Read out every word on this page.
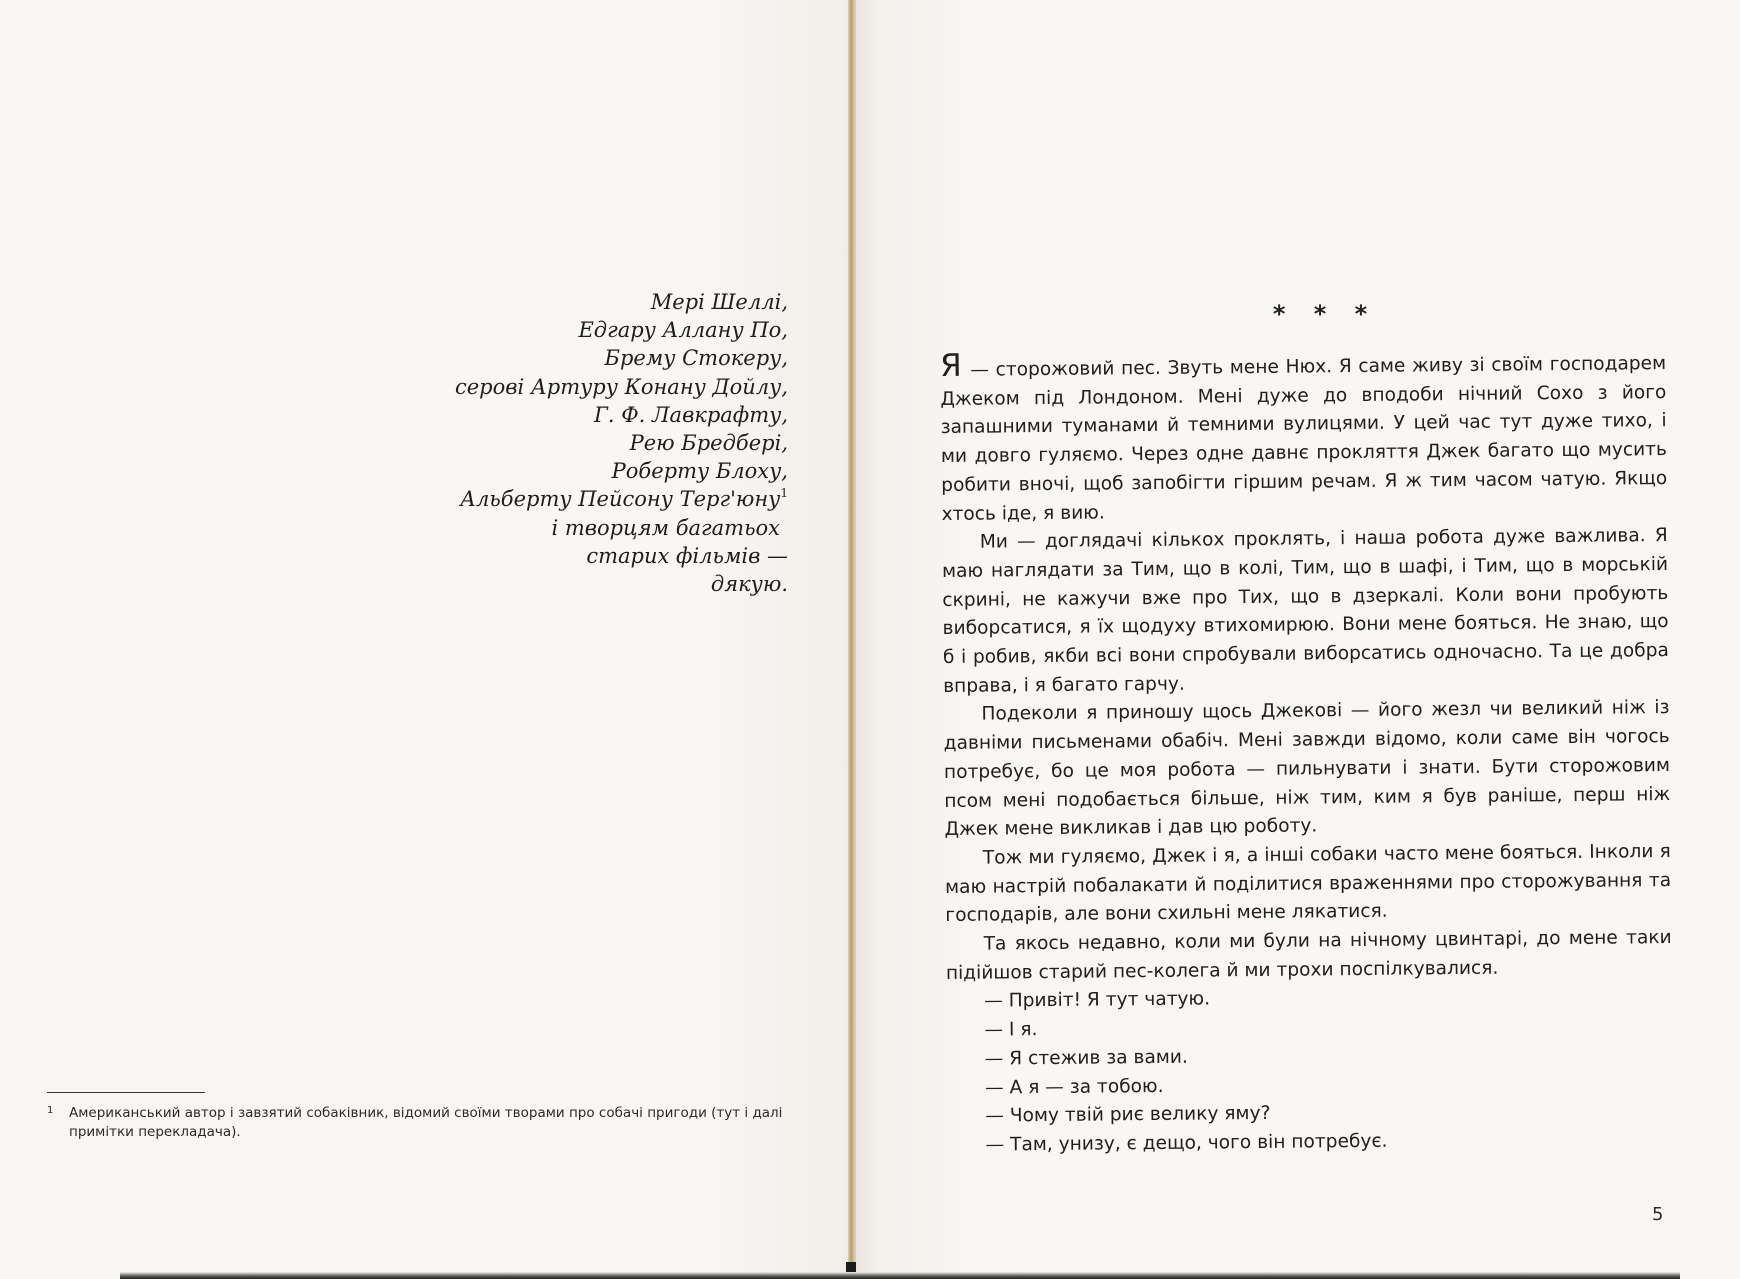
Мері Шеллі,
Едгару Аллану По,
Брему Стокеру,
серові Артуру Конану Дойлу,
Г. Ф. Лавкрафту,
Рею Бредбері,
Роберту Блоху,
Альберту Пейсону Терг'юну$^1$
і творцям багатьох
старих фільмів —
дякую.
1	Американський автор і завзятий собаківник, відомий своїми творами про собачі пригоди (тут і далі примітки перекладача).
* * *

Я — сторожовий пес. Звуть мене Нюх. Я саме живу зі своїм господарем Джеком під Лондоном. Мені дуже до вподоби нічний Сохо з його запашними туманами й темними вулицями. У цей час тут дуже тихо, і ми довго гуляємо. Через одне давнє прокляття Джек багато що мусить робити вночі, щоб запобігти гіршим речам. Я ж тим часом чатую. Якщо хтось іде, я вию.

Ми — доглядачі кількох проклять, і наша робота дуже важлива. Я маю наглядати за Тим, що в колі, Тим, що в шафі, і Тим, що в морській скрині, не кажучи вже про Тих, що в дзеркалі. Коли вони пробують виборсатися, я їх щодуху втихомирюю. Вони мене бояться. Не знаю, що б і робив, якби всі вони спробували виборсатись одночасно. Та це добра вправа, і я багато гарчу.

Подеколи я приношу щось Джекові — його жезл чи великий ніж із давніми письменами обабіч. Мені завжди відомо, коли саме він чогось потребує, бо це моя робота — пильнувати і знати. Бути сторожовим псом мені подобається більше, ніж тим, ким я був раніше, перш ніж Джек мене викликав і дав цю роботу.

Тож ми гуляємо, Джек і я, а інші собаки часто мене бояться. Інколи я маю настрій побалакати й поділитися враженнями про сторожування та господарів, але вони схильні мене лякатися.

Та якось недавно, коли ми були на нічному цвинтарі, до мене таки підійшов старий пес-колега й ми трохи поспілкувалися.

— Привіт! Я тут чатую.

— І я.

— Я стежив за вами.

— А я — за тобою.

— Чому твій риє велику яму?

— Там, унизу, є дещо, чого він потребує.

5
